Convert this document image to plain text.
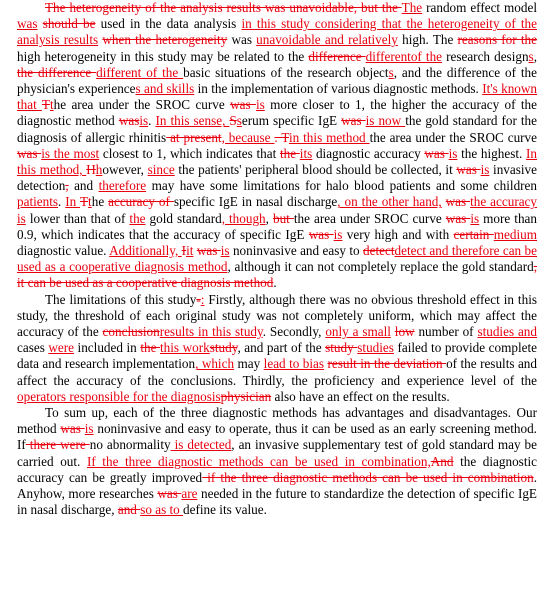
The heterogeneity of the analysis results was unavoidable, but the The random effect model was should be used in the data analysis in this study considering that the heterogeneity of the analysis results when the heterogeneity was unavoidable and relatively high. The reasons for the high heterogeneity in this study may be related to the difference differentof the research designs, the difference different of the basic situations of the research objects, and the difference of the physician's experiences and skills in the implementation of various diagnostic methods. It's known that Tthe area under the SROC curve was is more closer to 1, the higher the accuracy of the diagnostic method wasis. In this sense, Sserum specific IgE was is now the gold standard for the diagnosis of allergic rhinitis at present, because . Tin this method the area under the SROC curve was is the most closest to 1, which indicates that the its diagnostic accuracy was is the highest. In this method, Hhowever, since the patients' peripheral blood should be collected, it was is invasive detection, and therefore may have some limitations for halo blood patients and some children patients. In Tthe accuracy of specific IgE in nasal discharge, on the other hand, was the accuracy is lower than that of the gold standard, though, but the area under SROC curve was is more than 0.9, which indicates that the accuracy of specific IgE was is very high and with certain medium diagnostic value. Additionally, Iit was is noninvasive and easy to detectdetect and therefore can be used as a cooperative diagnosis method, although it can not completely replace the gold standard, it can be used as a cooperative diagnosis method.

The limitations of this study-: Firstly, although there was no obvious threshold effect in this study, the threshold of each original study was not completely uniform, which may affect the accuracy of the conclusionresults in this study. Secondly, only a small low number of studies and cases were included in the this workstudy, and part of the study studies failed to provide complete data and research implementation, which may lead to bias result in the deviation of the results and affect the accuracy of the conclusions. Thirdly, the proficiency and experience level of the operators responsible for the diagnosisphysician also have an effect on the results.

To sum up, each of the three diagnostic methods has advantages and disadvantages. Our method was is noninvasive and easy to operate, thus it can be used as an early screening method. If there were no abnormality is detected, an invasive supplementary test of gold standard may be carried out. If the three diagnostic methods can be used in combination,And the diagnostic accuracy can be greatly improved if the three diagnostic methods can be used in combination. Anyhow, more researches was are needed in the future to standardize the detection of specific IgE in nasal discharge, and so as to define its value.
